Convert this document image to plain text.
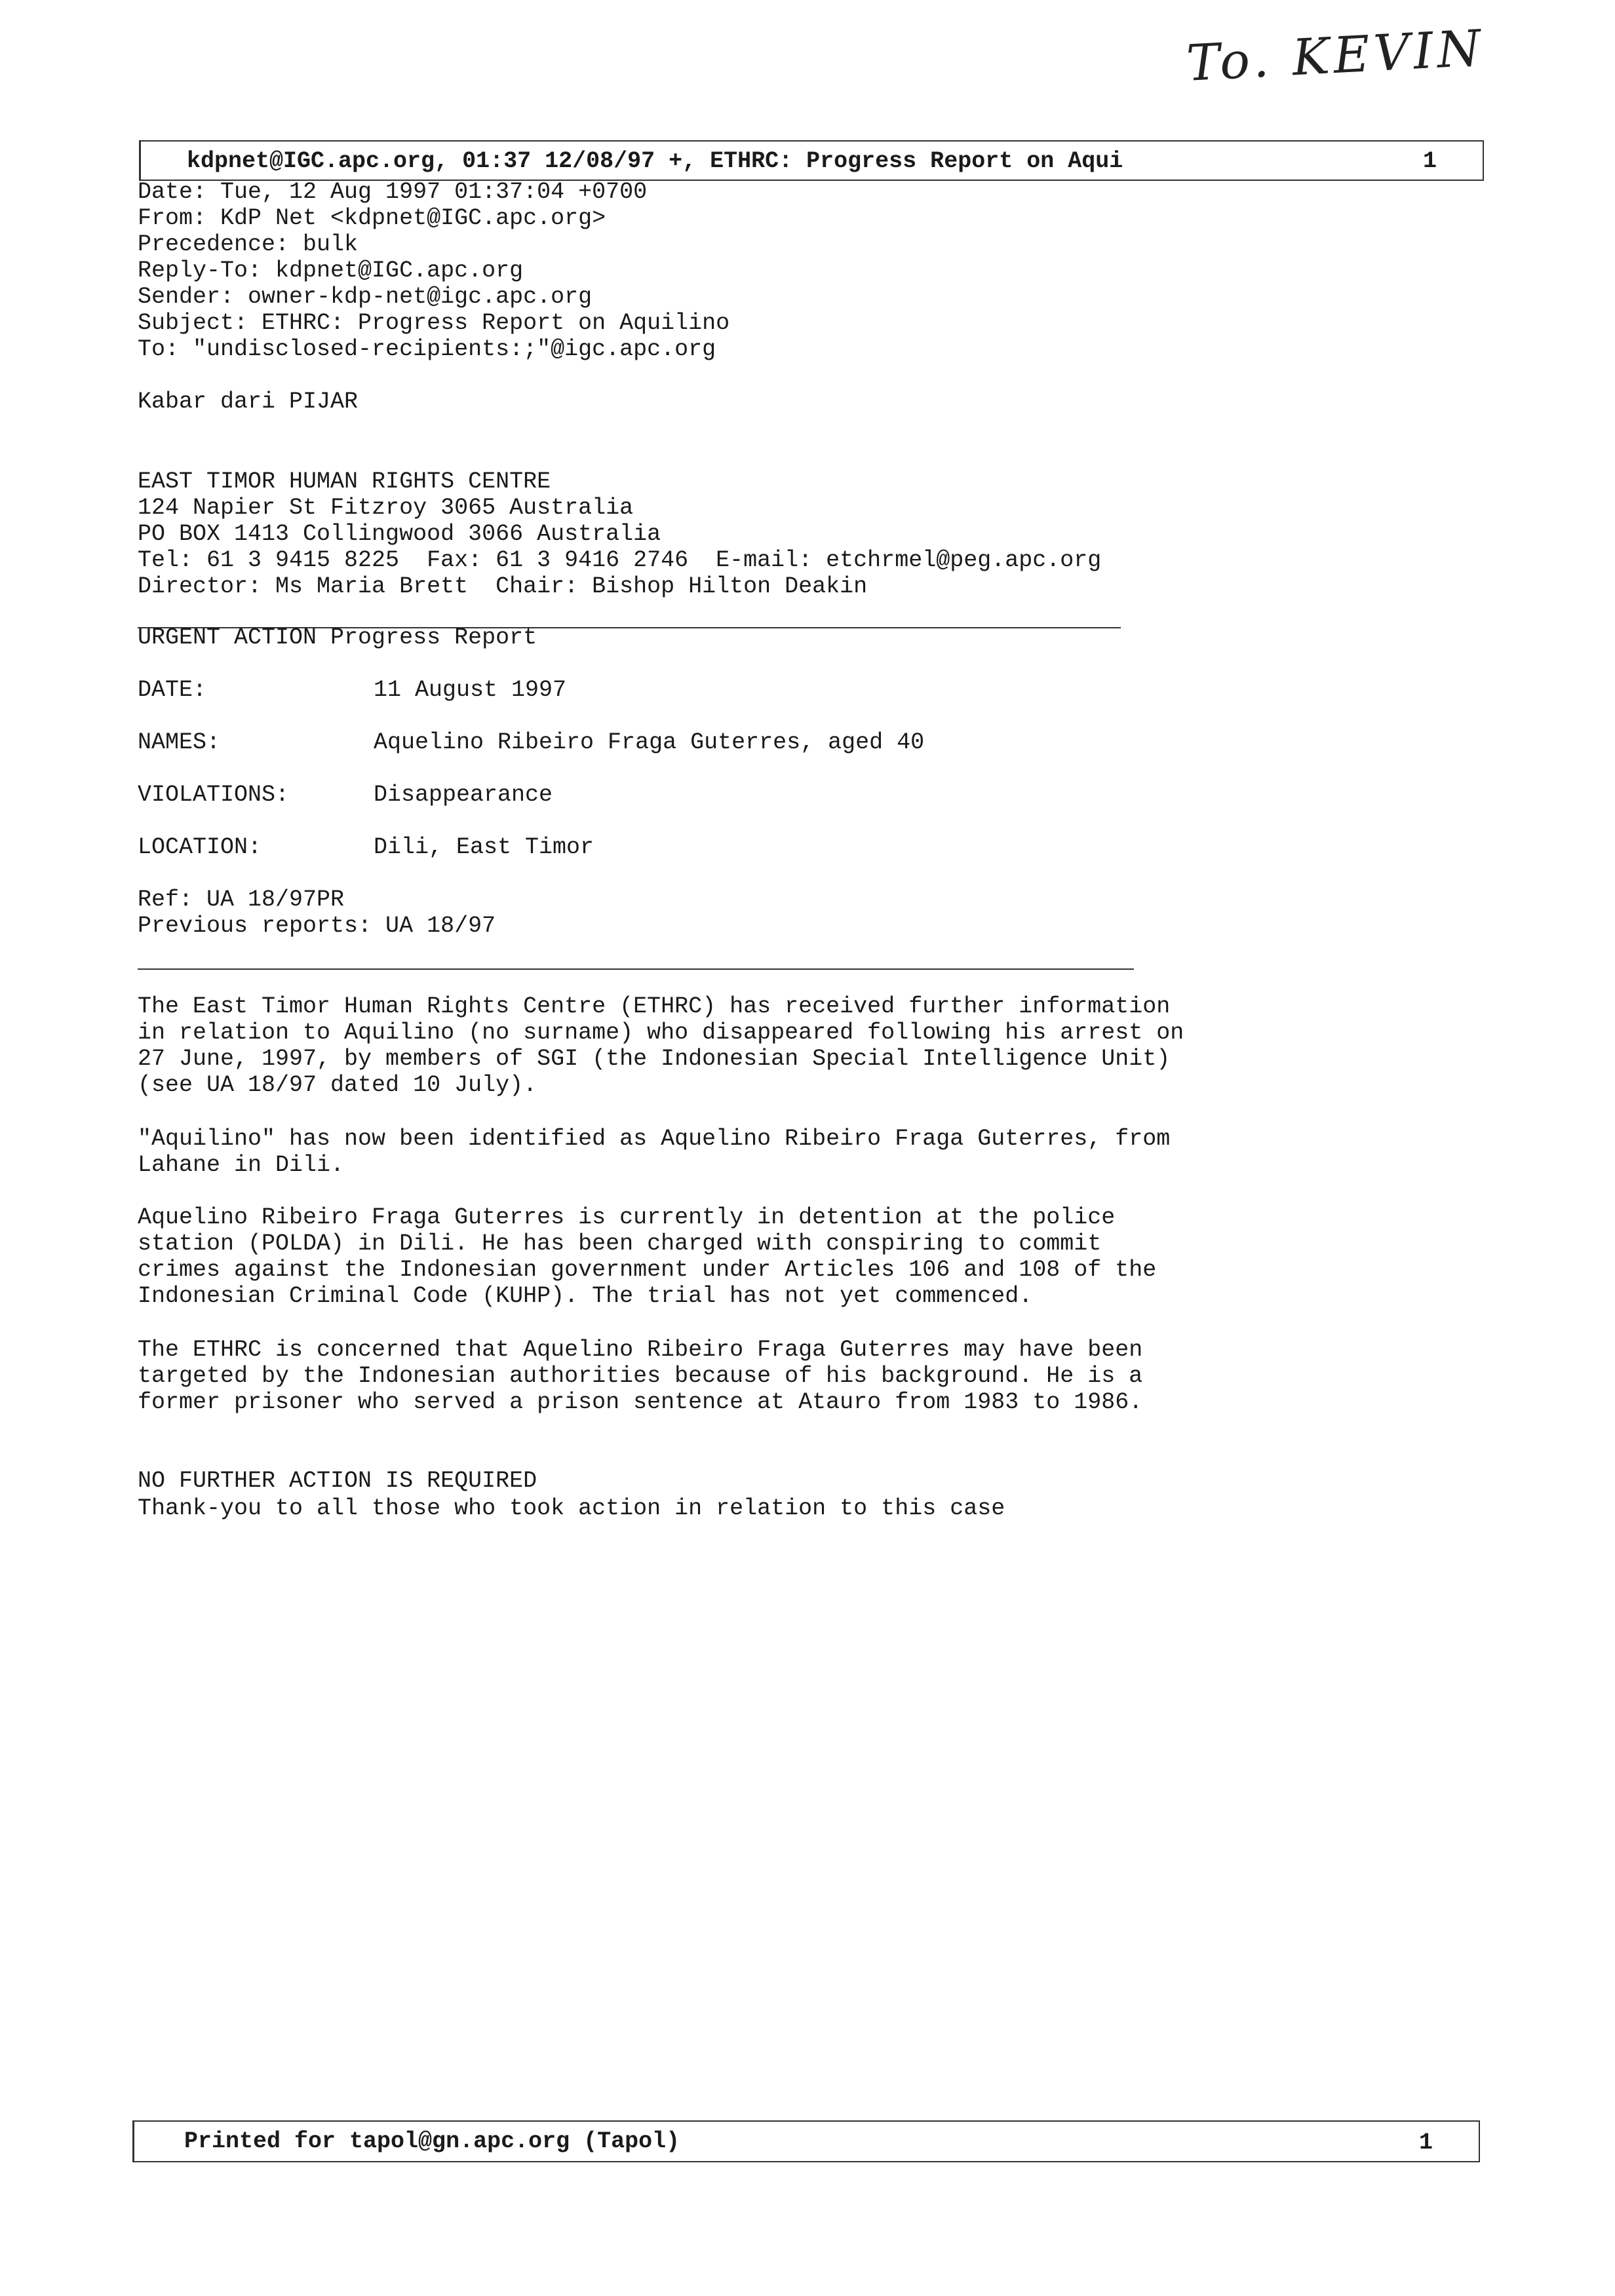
To. KEVIN
kdpnet@IGC.apc.org, 01:37 12/08/97 +, ETHRC: Progress Report on Aqui	1
Date: Tue, 12 Aug 1997 01:37:04 +0700
From: KdP Net <kdpnet@IGC.apc.org>
Precedence: bulk
Reply-To: kdpnet@IGC.apc.org
Sender: owner-kdp-net@igc.apc.org
Subject: ETHRC: Progress Report on Aquilino
To: "undisclosed-recipients:;"@igc.apc.org
Kabar dari PIJAR
EAST TIMOR HUMAN RIGHTS CENTRE
124 Napier St Fitzroy 3065 Australia
PO BOX 1413 Collingwood 3066 Australia
Tel: 61 3 9415 8225  Fax: 61 3 9416 2746  E-mail: etchrmel@peg.apc.org
Director: Ms Maria Brett  Chair: Bishop Hilton Deakin
URGENT ACTION Progress Report
DATE:	11 August 1997
NAMES:	Aquelino Ribeiro Fraga Guterres, aged 40
VIOLATIONS:	Disappearance
LOCATION:	Dili, East Timor
Ref: UA 18/97PR
Previous reports: UA 18/97
The East Timor Human Rights Centre (ETHRC) has received further information
in relation to Aquilino (no surname) who disappeared following his arrest on
27 June, 1997, by members of SGI (the Indonesian Special Intelligence Unit)
(see UA 18/97 dated 10 July).
"Aquilino" has now been identified as Aquelino Ribeiro Fraga Guterres, from
Lahane in Dili.
Aquelino Ribeiro Fraga Guterres is currently in detention at the police
station (POLDA) in Dili. He has been charged with conspiring to commit
crimes against the Indonesian government under Articles 106 and 108 of the
Indonesian Criminal Code (KUHP). The trial has not yet commenced.
The ETHRC is concerned that Aquelino Ribeiro Fraga Guterres may have been
targeted by the Indonesian authorities because of his background. He is a
former prisoner who served a prison sentence at Atauro from 1983 to 1986.
NO FURTHER ACTION IS REQUIRED
Thank-you to all those who took action in relation to this case
Printed for tapol@gn.apc.org (Tapol)	1
